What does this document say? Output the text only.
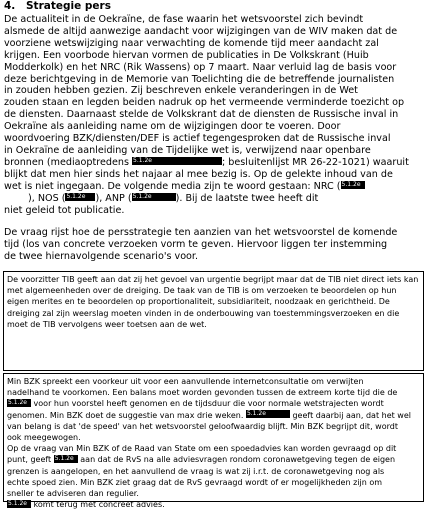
4. Strategie pers
De actualiteit in de Oekraïne, de fase waarin het wetsvoorstel zich bevindt
alsmede de altijd aanwezige aandacht voor wijzigingen van de WIV maken dat de
voorziene wetswijziging naar verwachting de komende tijd meer aandacht zal
krijgen. Een voorbode hiervan vormen de publicaties in De Volkskrant (Huib
Modderkolk) en het NRC (Rik Wassens) op 7 maart. Naar verluid lag de basis voor
deze berichtgeving in de Memorie van Toelichting die de betreffende journalisten
in zouden hebben gezien. Zij beschreven enkele veranderingen in de Wet
zouden staan en legden beiden nadruk op het vermeende verminderde toezicht op
de diensten. Daarnaast stelde de Volkskrant dat de diensten de Russische inval in
Oekraïne als aanleiding name om de wijzigingen door te voeren. Door
woordvoering BZK/diensten/DEF is actief tegengesproken dat de Russische inval
in Oekraïne de aanleiding van de Tijdelijke wet is, verwijzend naar openbare
bronnen (mediaoptredens 5.1.2e	; besluitenlijst MR 26-22-1021) waaruit
blijkt dat men hier sinds het najaar al mee bezig is. Op de gelekte inhoud van de
wet is niet ingegaan. De volgende media zijn te woord gestaan: NRC (5.1.2e
), NOS (5.1.2e ), ANP (5.1.2e	). Bij de laatste twee heeft dit
niet geleid tot publicatie.
De vraag rijst hoe de persstrategie ten aanzien van het wetsvoorstel de komende
tijd (los van concrete verzoeken vorm te geven. Hiervoor liggen ter instemming
de twee hiernavolgende scenario's voor.
De voorzitter TIB geeft aan dat zij het gevoel van urgentie begrijpt maar dat de TIB niet direct iets kan
met algemeenheden over de dreiging. De taak van de TIB is om verzoeken te beoordelen op hun
eigen merites en te beoordelen op proportionaliteit, subsidiariteit, noodzaak en gerichtheid. De
dreiging zal zijn weerslag moeten vinden in de onderbouwing van toestemmingsverzoeken en die
moet de TIB vervolgens weer toetsen aan de wet.
Min BZK spreekt een voorkeur uit voor een aanvullende internetconsultatie om verwijten
nadelhand te voorkomen. Een balans moet worden gevonden tussen de extreem korte tijd die de
5.1.2e voor hun voorstel heeft genomen en de tijdsduur die voor normale wetstrajecten wordt
genomen. Min BZK doet de suggestie van max drie weken. 5.1.2e	geeft daarbij aan, dat het wel
van belang is dat 'de speed' van het wetsvoorstel geloofwaardig blijft. Min BZK begrijpt dit, wordt
ook meegewogen.
Op de vraag van Min BZK of de Raad van State om een spoedadvies kan worden gevraagd op dit
punt, geeft 5.1.2e aan dat de RvS na alle adviesvragen rondom coronawetgeving tegen de eigen
grenzen is aangelopen, en het aanvullend de vraag is wat zij i.r.t. de coronawetgeving nog als
echte spoed zien. Min BZK ziet graag dat de RvS gevraagd wordt of er mogelijkheden zijn om
sneller te adviseren dan regulier.
5.1.2e komt terug met concreet advies.
